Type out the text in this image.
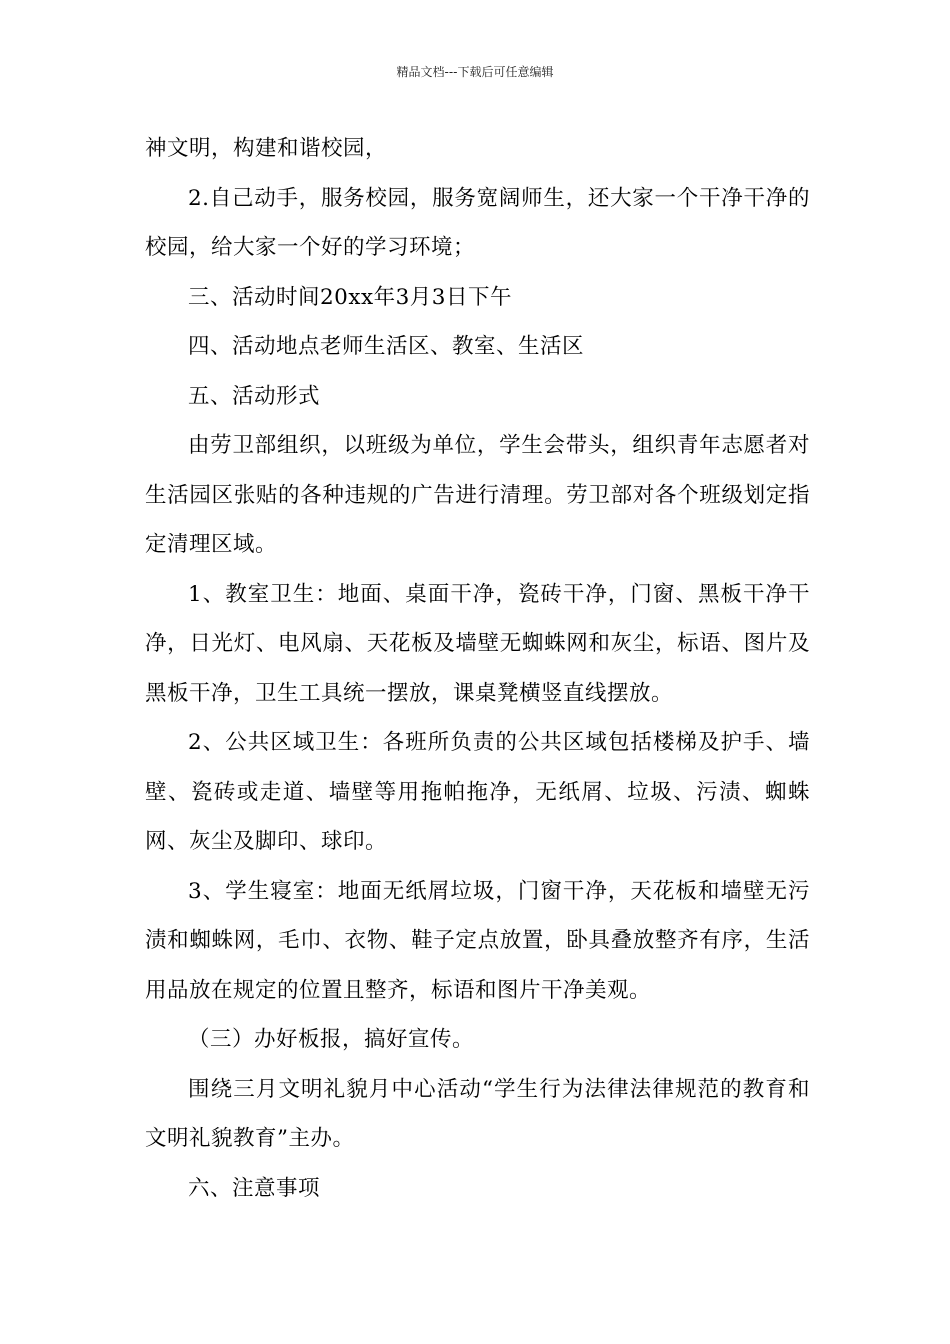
精品文档---下载后可任意编辑

神文明，构建和谐校园，

2.自己动手，服务校园，服务宽阔师生，还大家一个干净干净的校园，给大家一个好的学习环境；

三、活动时间20xx年3月3日下午

四、活动地点老师生活区、教室、生活区

五、活动形式

由劳卫部组织，以班级为单位，学生会带头，组织青年志愿者对生活园区张贴的各种违规的广告进行清理。劳卫部对各个班级划定指定清理区域。

1、教室卫生：地面、桌面干净，瓷砖干净，门窗、黑板干净干净，日光灯、电风扇、天花板及墙壁无蜘蛛网和灰尘，标语、图片及黑板干净，卫生工具统一摆放，课桌凳横竖直线摆放。

2、公共区域卫生：各班所负责的公共区域包括楼梯及护手、墙壁、瓷砖或走道、墙壁等用拖帕拖净，无纸屑、垃圾、污渍、蜘蛛网、灰尘及脚印、球印。

3、学生寝室：地面无纸屑垃圾，门窗干净，天花板和墙壁无污渍和蜘蛛网，毛巾、衣物、鞋子定点放置，卧具叠放整齐有序，生活用品放在规定的位置且整齐，标语和图片干净美观。

（三）办好板报，搞好宣传。

围绕三月文明礼貌月中心活动“学生行为法律法律规范的教育和文明礼貌教育”主办。

六、注意事项
